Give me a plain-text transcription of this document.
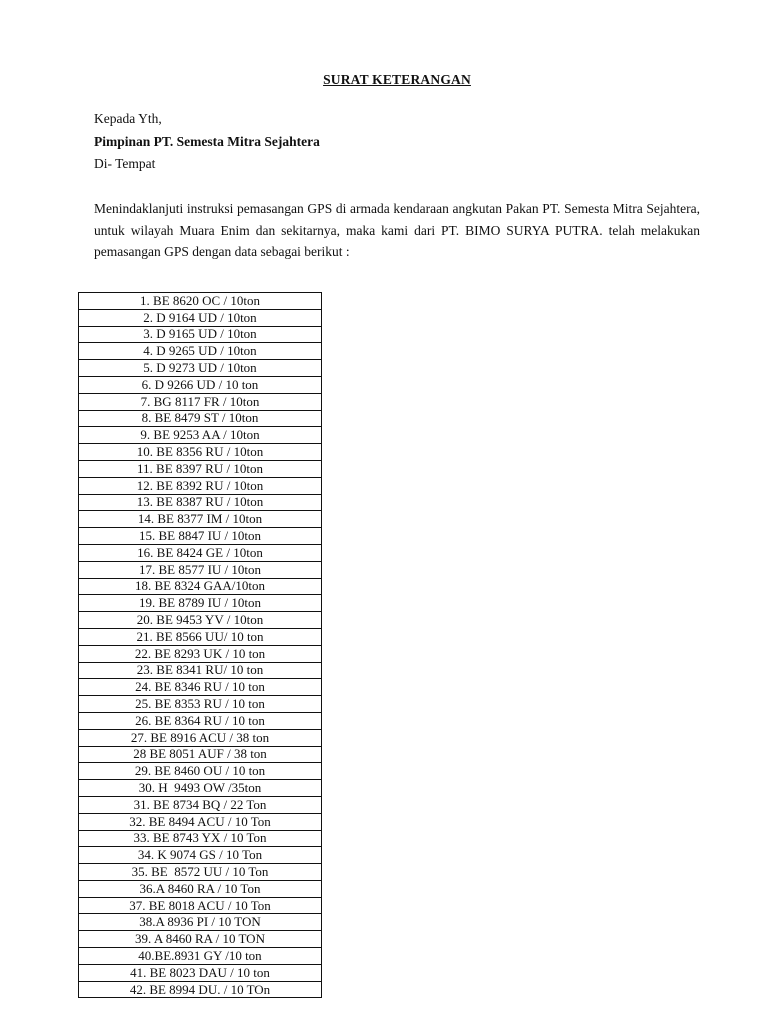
SURAT KETERANGAN
Kepada Yth,
Pimpinan PT. Semesta Mitra Sejahtera
Di- Tempat
Menindaklanjuti instruksi pemasangan GPS di armada kendaraan angkutan Pakan PT. Semesta Mitra Sejahtera, untuk wilayah Muara Enim dan sekitarnya, maka kami dari PT. BIMO SURYA PUTRA. telah melakukan pemasangan GPS dengan data sebagai berikut :
1. BE 8620 OC / 10ton
2. D 9164 UD / 10ton
3. D 9165 UD / 10ton
4. D 9265 UD / 10ton
5. D 9273 UD / 10ton
6. D 9266 UD / 10 ton
7. BG 8117 FR / 10ton
8. BE 8479 ST / 10ton
9. BE 9253 AA / 10ton
10. BE 8356 RU / 10ton
11. BE 8397 RU / 10ton
12. BE 8392 RU / 10ton
13. BE 8387 RU / 10ton
14. BE 8377 IM / 10ton
15. BE 8847 IU / 10ton
16. BE 8424 GE / 10ton
17. BE 8577 IU / 10ton
18. BE 8324 GAA/10ton
19. BE 8789 IU / 10ton
20. BE 9453 YV / 10ton
21. BE 8566 UU/ 10 ton
22. BE 8293 UK / 10 ton
23. BE 8341 RU/ 10 ton
24. BE 8346 RU / 10 ton
25. BE 8353 RU / 10 ton
26. BE 8364 RU / 10 ton
27. BE 8916 ACU / 38 ton
28 BE 8051 AUF / 38 ton
29. BE 8460 OU / 10 ton
30. H  9493 OW /35ton
31. BE 8734 BQ / 22 Ton
32. BE 8494 ACU / 10 Ton
33. BE 8743 YX / 10 Ton
34. K 9074 GS / 10 Ton
35. BE  8572 UU / 10 Ton
36.A 8460 RA / 10 Ton
37. BE 8018 ACU / 10 Ton
38.A 8936 PI / 10 TON
39. A 8460 RA / 10 TON
40.BE.8931 GY /10 ton
41. BE 8023 DAU / 10 ton
42. BE 8994 DU. / 10 TOn
